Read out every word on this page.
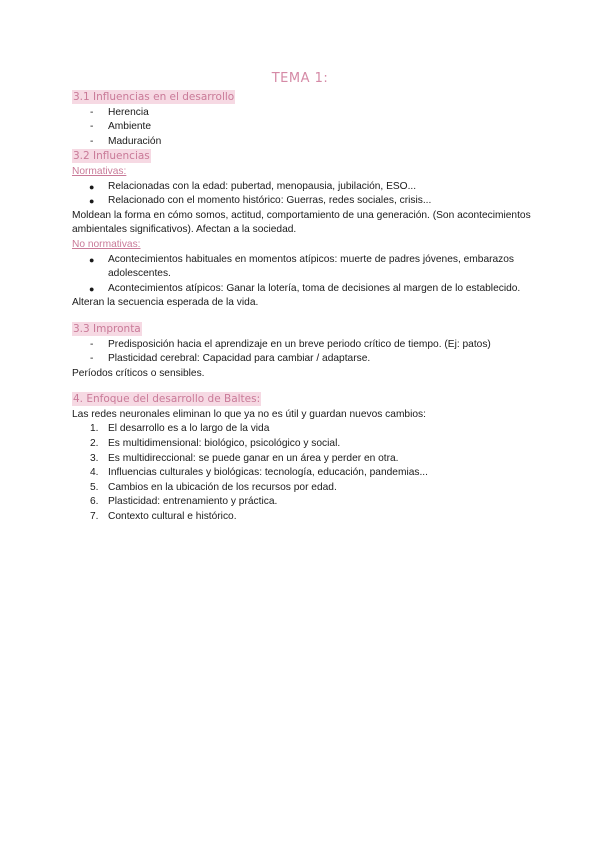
TEMA 1:
3.1 Influencias en el desarrollo
- Herencia
- Ambiente
- Maduración
3.2 Influencias
Normativas:
● Relacionadas con la edad: pubertad, menopausia, jubilación, ESO...
● Relacionado con el momento histórico: Guerras, redes sociales, crisis...
Moldean la forma en cómo somos, actitud, comportamiento de una generación. (Son acontecimientos ambientales significativos). Afectan a la sociedad.
No normativas:
● Acontecimientos habituales en momentos atípicos: muerte de padres jóvenes, embarazos adolescentes.
● Acontecimientos atípicos: Ganar la lotería, toma de decisiones al margen de lo establecido.
Alteran la secuencia esperada de la vida.
3.3 Impronta
- Predisposición hacia el aprendizaje en un breve periodo crítico de tiempo. (Ej: patos)
- Plasticidad cerebral: Capacidad para cambiar / adaptarse.
Períodos críticos o sensibles.
4. Enfoque del desarrollo de Baltes:
Las redes neuronales eliminan lo que ya no es útil y guardan nuevos cambios:
1. El desarrollo es a lo largo de la vida
2. Es multidimensional: biológico, psicológico y social.
3. Es multidireccional: se puede ganar en un área y perder en otra.
4. Influencias culturales y biológicas: tecnología, educación, pandemias...
5. Cambios en la ubicación de los recursos por edad.
6. Plasticidad: entrenamiento y práctica.
7. Contexto cultural e histórico.
